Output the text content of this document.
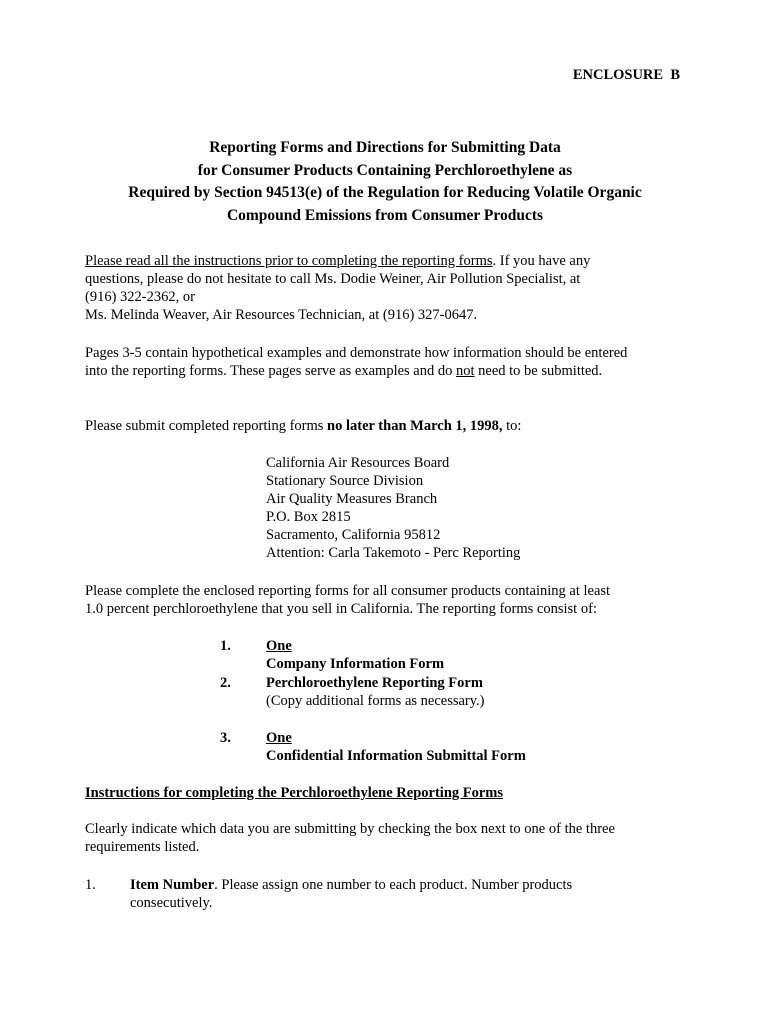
ENCLOSURE  B
Reporting Forms and Directions for Submitting Data
for Consumer Products Containing Perchloroethylene as
Required by Section 94513(e) of the Regulation for Reducing Volatile Organic
Compound Emissions from Consumer Products
Please read all the instructions prior to completing the reporting forms. If you have any
questions, please do not hesitate to call Ms. Dodie Weiner, Air Pollution Specialist, at
(916) 322-2362, or
Ms. Melinda Weaver, Air Resources Technician, at (916) 327-0647.
Pages 3-5 contain hypothetical examples and demonstrate how information should be entered
into the reporting forms. These pages serve as examples and do not need to be submitted.
Please submit completed reporting forms no later than March 1, 1998, to:
California Air Resources Board
Stationary Source Division
Air Quality Measures Branch
P.O. Box 2815
Sacramento, California 95812
Attention: Carla Takemoto - Perc Reporting
Please complete the enclosed reporting forms for all consumer products containing at least
1.0 percent perchloroethylene that you sell in California. The reporting forms consist of:
1. One
Company Information Form
2. Perchloroethylene Reporting Form
(Copy additional forms as necessary.)
3. One
Confidential Information Submittal Form
Instructions for completing the Perchloroethylene Reporting Forms
Clearly indicate which data you are submitting by checking the box next to one of the three
requirements listed.
1. Item Number. Please assign one number to each product. Number products
consecutively.
